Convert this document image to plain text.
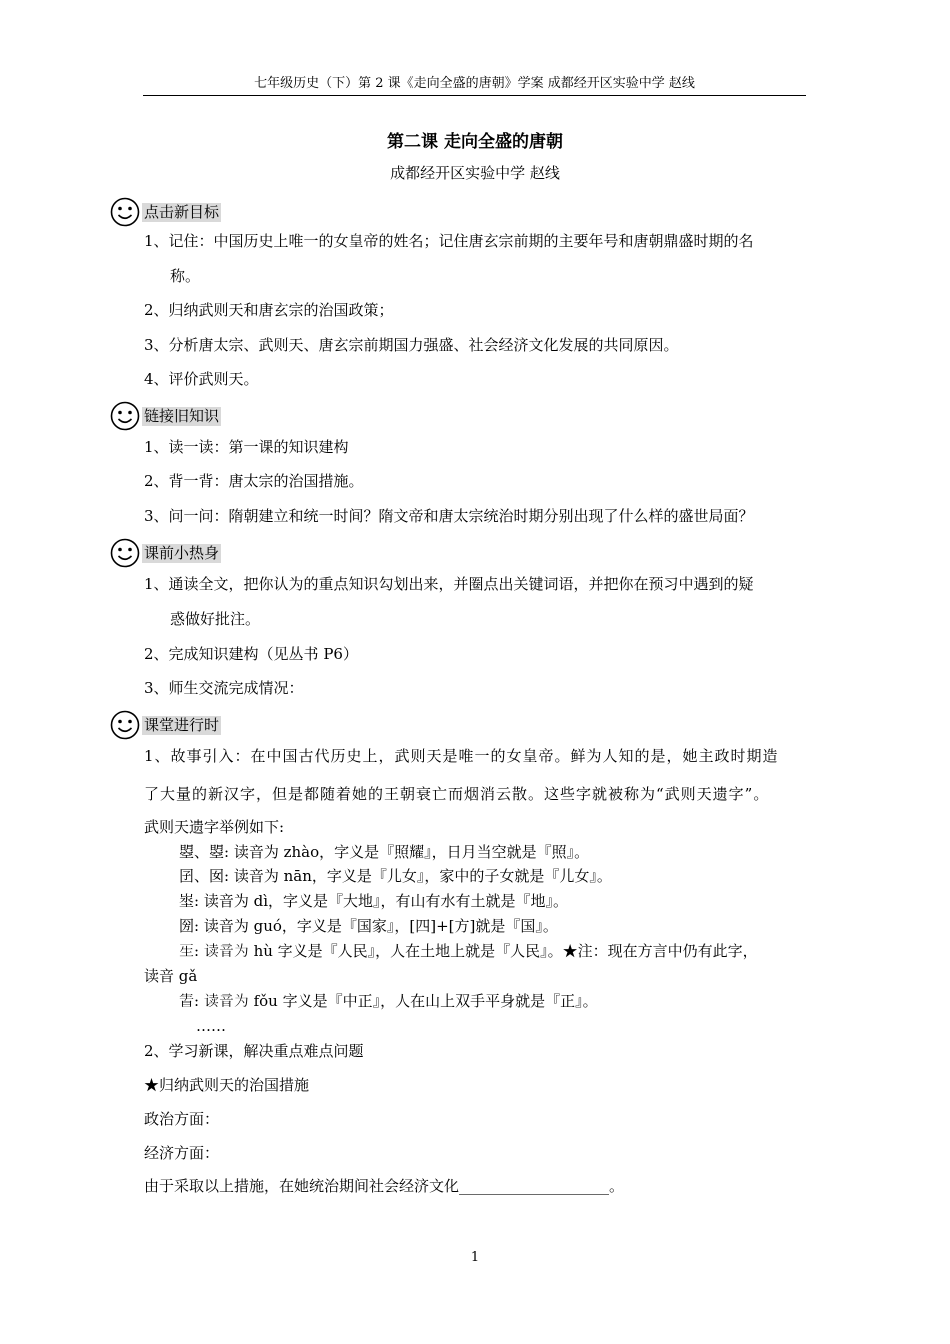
七年级历史（下）第 2 课《走向全盛的唐朝》学案 成都经开区实验中学 赵线
第二课 走向全盛的唐朝
成都经开区实验中学 赵线
点击新目标
1、记住：中国历史上唯一的女皇帝的姓名；记住唐玄宗前期的主要年号和唐朝鼎盛时期的名
称。
2、归纳武则天和唐玄宗的治国政策；
3、分析唐太宗、武则天、唐玄宗前期国力强盛、社会经济文化发展的共同原因。
4、评价武则天。
链接旧知识
1、读一读：第一课的知识建构
2、背一背：唐太宗的治国措施。
3、问一问：隋朝建立和统一时间？隋文帝和唐太宗统治时期分别出现了什么样的盛世局面？
课前小热身
1、通读全文，把你认为的重点知识勾划出来，并圈点出关键词语，并把你在预习中遇到的疑
惑做好批注。
2、完成知识建构（见丛书 P6）
3、师生交流完成情况：
课堂进行时
1、故事引入：在中国古代历史上，武则天是唯一的女皇帝。鲜为人知的是，她主政时期造
了大量的新汉字，但是都随着她的王朝衰亡而烟消云散。这些字就被称为“武则天遗字”。
武则天遗字举例如下:
曌、曌: 读音为 zhào，字义是『照耀』，日月当空就是『照』。
囝、囡: 读音为 nān，字义是『儿女』，家中的子女就是『儿女』。
埊: 读音为 dì，字义是『大地』，有山有水有土就是『地』。
圀: 读音为 guó，字义是『国家』，[四]+[方]就是『国』。
𤯔: 读音为 hù 字义是『人民』，人在土地上就是『人民』。★注：现在方言中仍有此字，
读音 gǎ
𤯣: 读音为 fǒu 字义是『中正』，人在山上双手平身就是『正』。
……
2、学习新课，解决重点难点问题
★归纳武则天的治国措施
政治方面：
经济方面：
由于采取以上措施，在她统治期间社会经济文化____________________。
1
